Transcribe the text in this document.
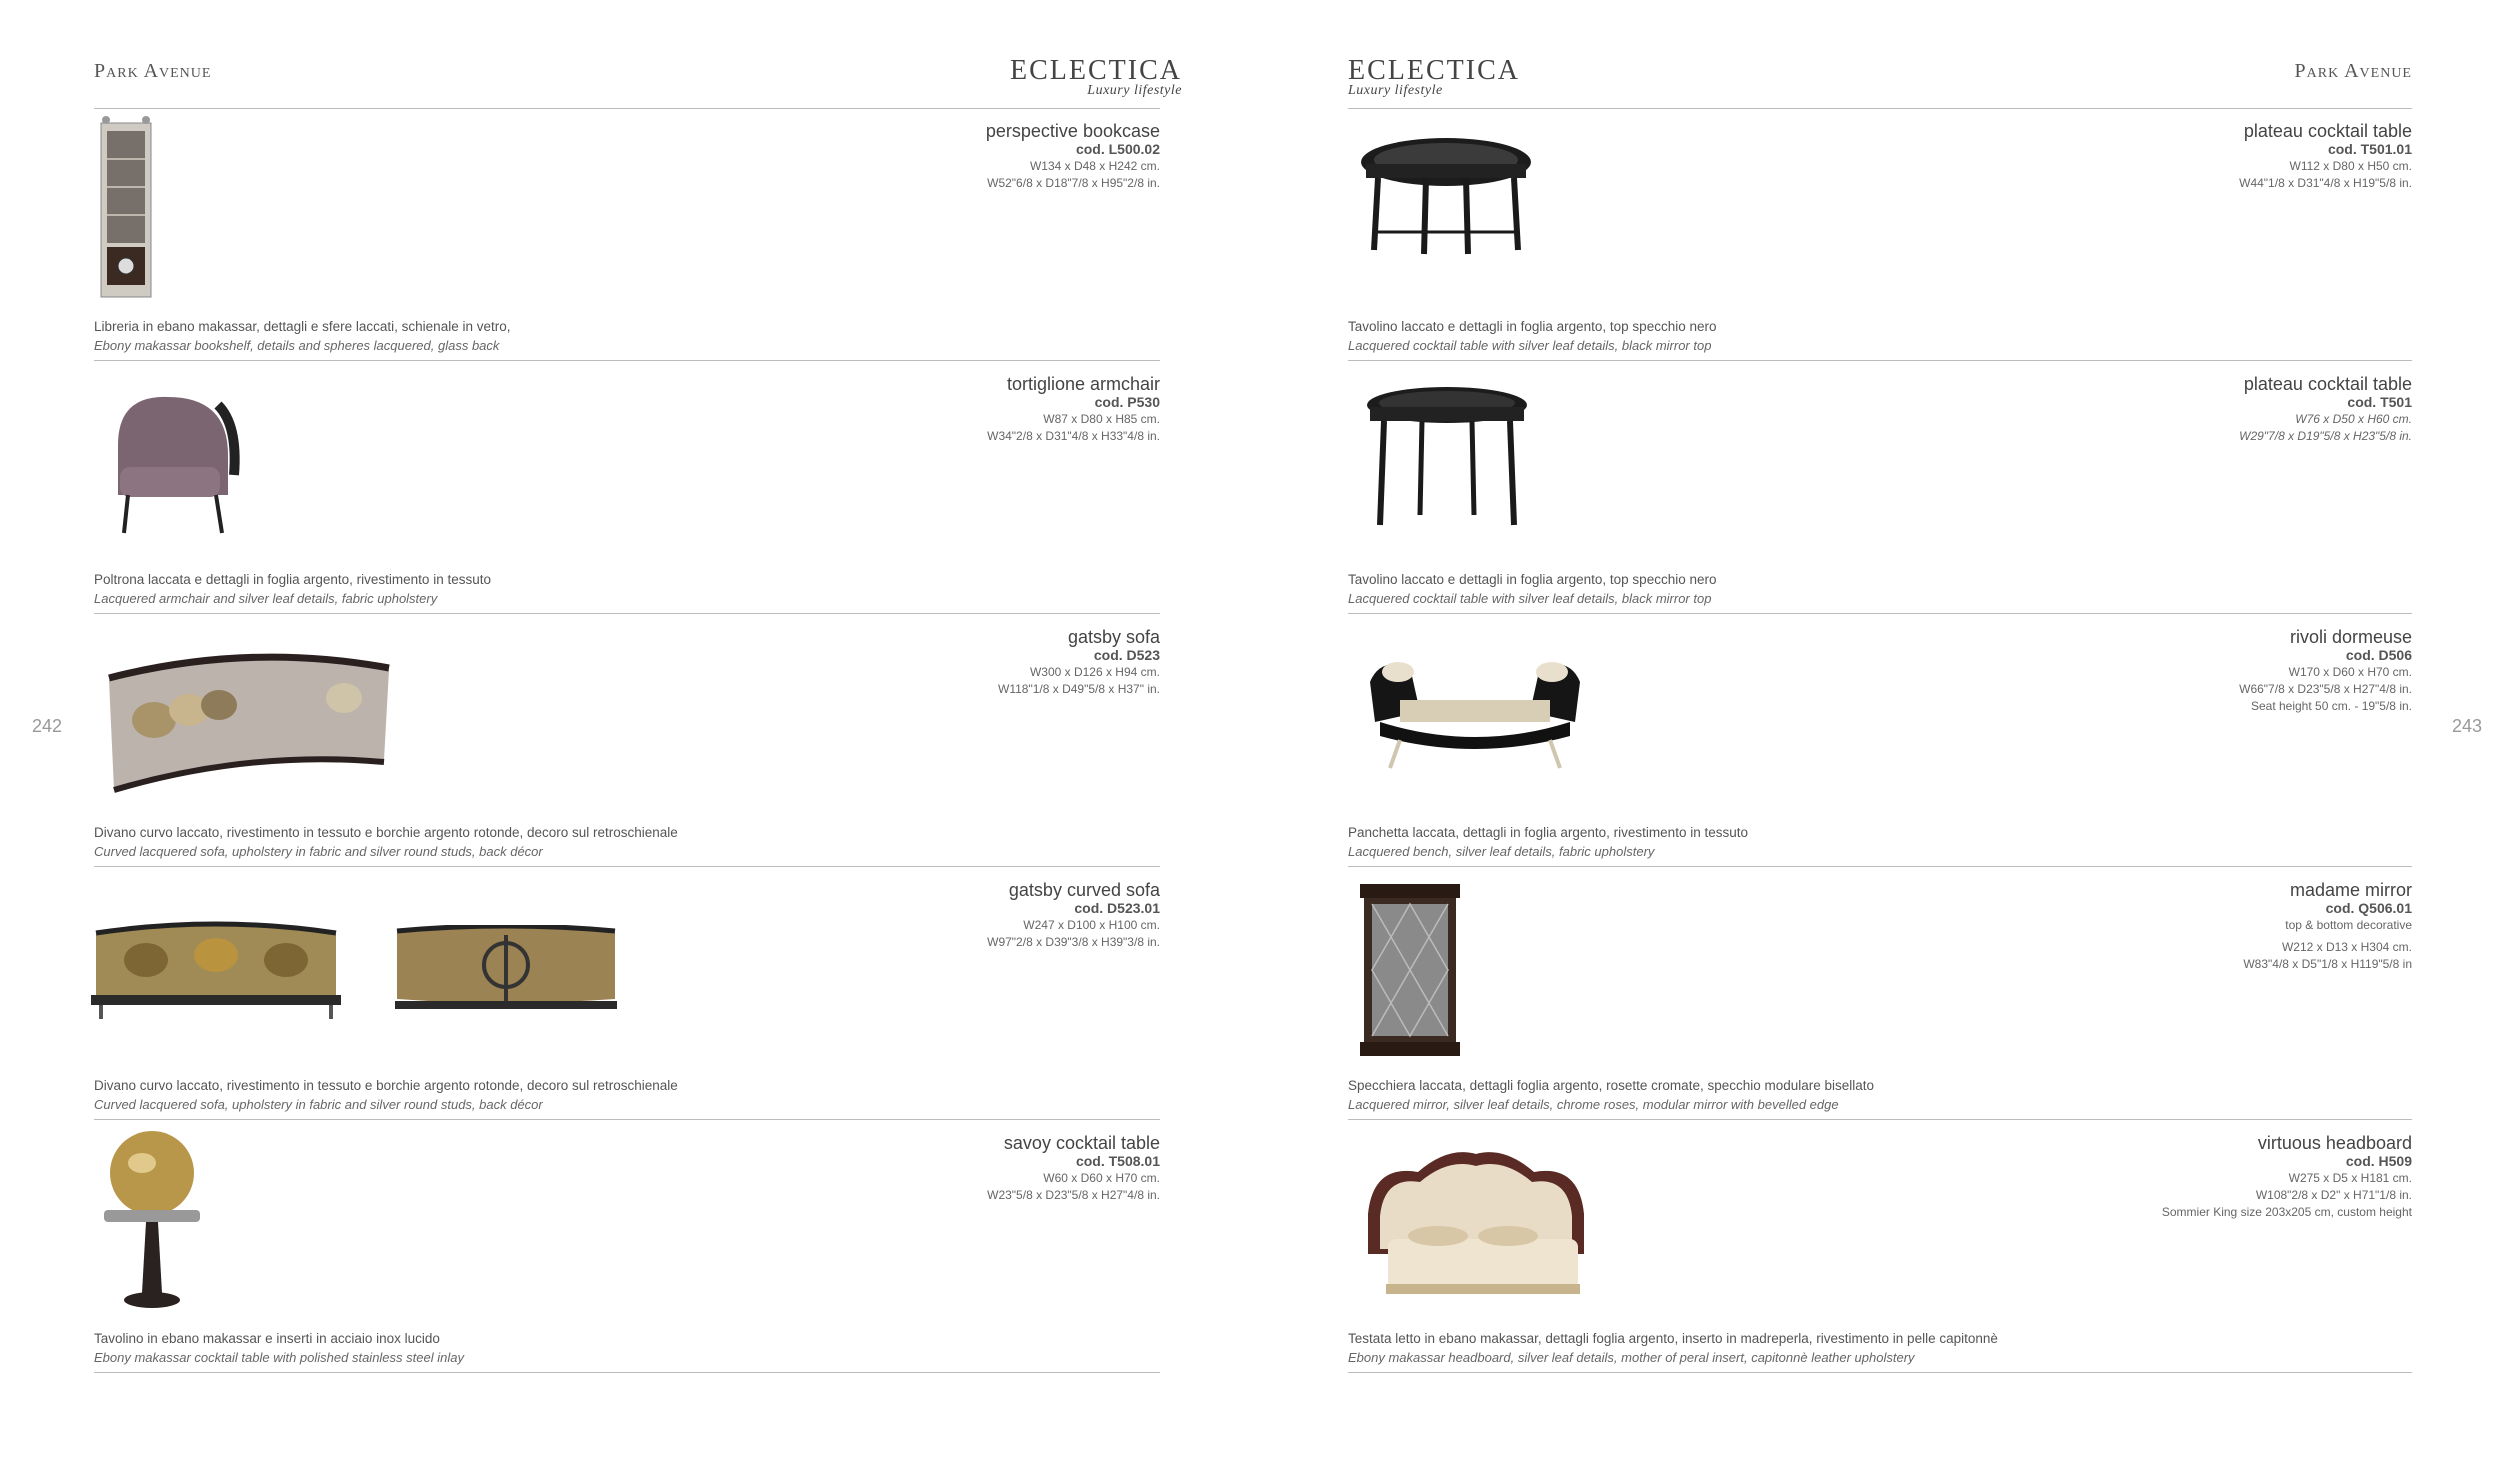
Park Avenue	ECLECTICA
Luxury lifestyle
242
perspective bookcase
cod. L500.02
W134 x D48 x H242 cm.
W52"6/8 x D18"7/8 x H95"2/8 in.
Libreria in ebano makassar, dettagli e sfere laccati, schienale in vetro,
Ebony makassar bookshelf, details and spheres lacquered, glass back
tortiglione armchair
cod. P530
W87 x D80 x H85 cm.
W34"2/8 x D31"4/8 x H33"4/8 in.
Poltrona laccata e dettagli in foglia argento, rivestimento in tessuto
Lacquered armchair and silver leaf details, fabric upholstery
gatsby sofa
cod. D523
W300 x D126 x H94 cm.
W118"1/8 x D49"5/8 x H37" in.
Divano curvo laccato, rivestimento in tessuto e borchie argento rotonde, decoro sul retroschienale
Curved lacquered sofa, upholstery in fabric and silver round studs, back décor
gatsby curved sofa
cod. D523.01
W247 x D100 x H100 cm.
W97"2/8 x D39"3/8 x H39"3/8 in.
Divano curvo laccato, rivestimento in tessuto e borchie argento rotonde, decoro sul retroschienale
Curved lacquered sofa, upholstery in fabric and silver round studs, back décor
savoy cocktail table
cod. T508.01
W60 x D60 x H70 cm.
W23"5/8 x D23"5/8 x H27"4/8 in.
Tavolino in ebano makassar e inserti in acciaio inox lucido
Ebony makassar cocktail table with polished stainless steel inlay
ECLECTICA
Luxury lifestyle
Park Avenue
243
plateau cocktail table
cod. T501.01
W112 x D80 x H50 cm.
W44"1/8 x D31"4/8 x H19"5/8 in.
Tavolino laccato e dettagli in foglia argento, top specchio nero
Lacquered cocktail table with silver leaf details, black mirror top
plateau cocktail table
cod. T501
W76 x D50 x H60 cm.
W29"7/8 x D19"5/8 x H23"5/8 in.
Tavolino laccato e dettagli in foglia argento, top specchio nero
Lacquered cocktail table with silver leaf details, black mirror top
rivoli dormeuse
cod. D506
W170 x D60 x H70 cm.
W66"7/8 x D23"5/8 x H27"4/8 in.
Seat height 50 cm. - 19"5/8 in.
Panchetta laccata, dettagli in foglia argento, rivestimento in tessuto
Lacquered bench, silver leaf details, fabric upholstery
madame mirror
cod. Q506.01
top & bottom decorative
W212 x D13 x H304 cm.
W83"4/8 x D5"1/8 x H119"5/8 in
Specchiera laccata, dettagli foglia argento, rosette cromate, specchio modulare bisellato
Lacquered mirror, silver leaf details, chrome roses, modular mirror with bevelled edge
virtuous headboard
cod. H509
W275 x D5 x H181 cm.
W108"2/8 x D2" x H71"1/8 in.
Sommier King size 203x205 cm, custom height
Testata letto in ebano makassar, dettagli foglia argento, inserto in madreperla, rivestimento in pelle capitonnè
Ebony makassar headboard, silver leaf details, mother of peral insert, capitonnè leather upholstery
